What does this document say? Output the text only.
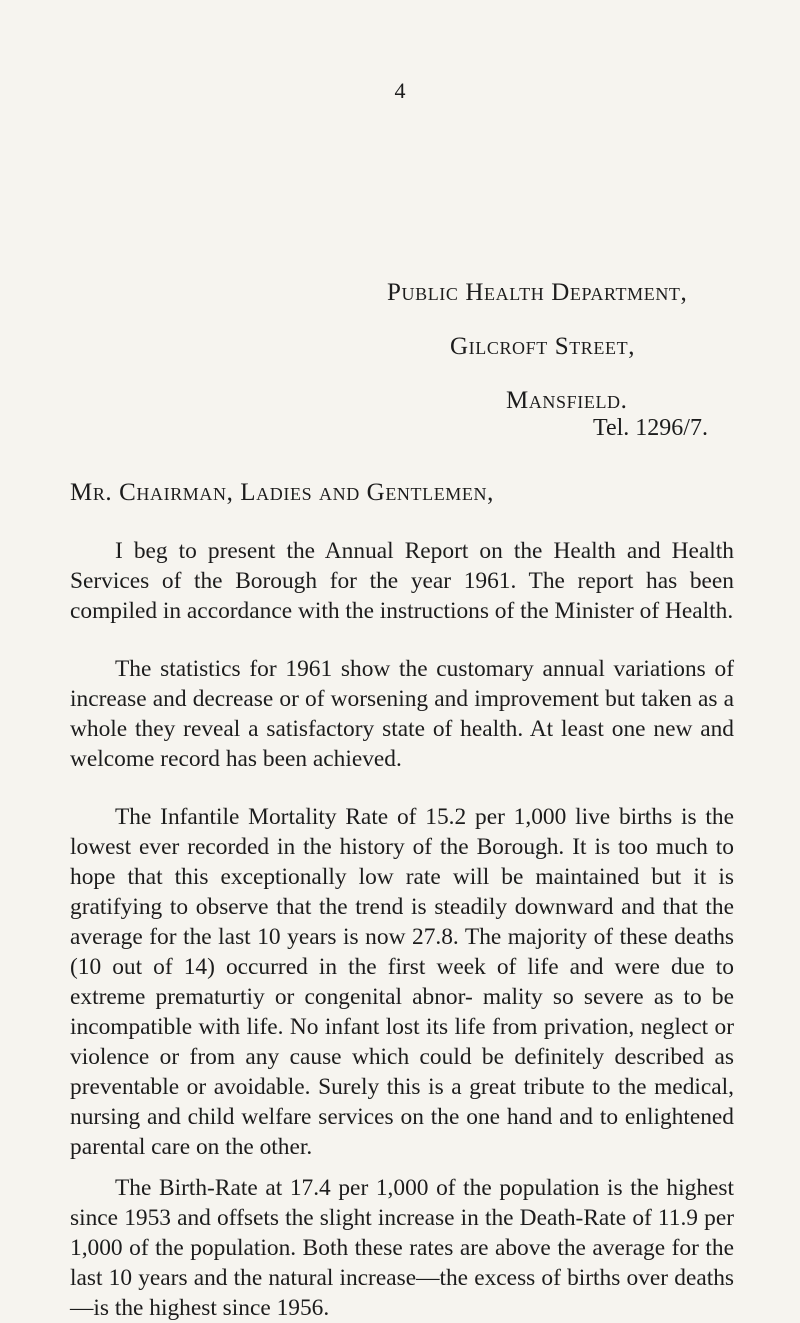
4
Public Health Department,
Gilcroft Street,
Mansfield.
Tel. 1296/7.
Mr. Chairman, Ladies and Gentlemen,

I beg to present the Annual Report on the Health and Health Services of the Borough for the year 1961. The report has been compiled in accordance with the instructions of the Minister of Health.

The statistics for 1961 show the customary annual variations of increase and decrease or of worsening and improvement but taken as a whole they reveal a satisfactory state of health. At least one new and welcome record has been achieved.

The Infantile Mortality Rate of 15.2 per 1,000 live births is the lowest ever recorded in the history of the Borough. It is too much to hope that this exceptionally low rate will be maintained but it is gratifying to observe that the trend is steadily downward and that the average for the last 10 years is now 27.8. The majority of these deaths (10 out of 14) occurred in the first week of life and were due to extreme prematurtiy or congenital abnor- mality so severe as to be incompatible with life. No infant lost its life from privation, neglect or violence or from any cause which could be definitely described as preventable or avoidable. Surely this is a great tribute to the medical, nursing and child welfare services on the one hand and to enlightened parental care on the other.

The Birth-Rate at 17.4 per 1,000 of the population is the highest since 1953 and offsets the slight increase in the Death-Rate of 11.9 per 1,000 of the population. Both these rates are above the average for the last 10 years and the natural increase—the excess of births over deaths—is the highest since 1956.
